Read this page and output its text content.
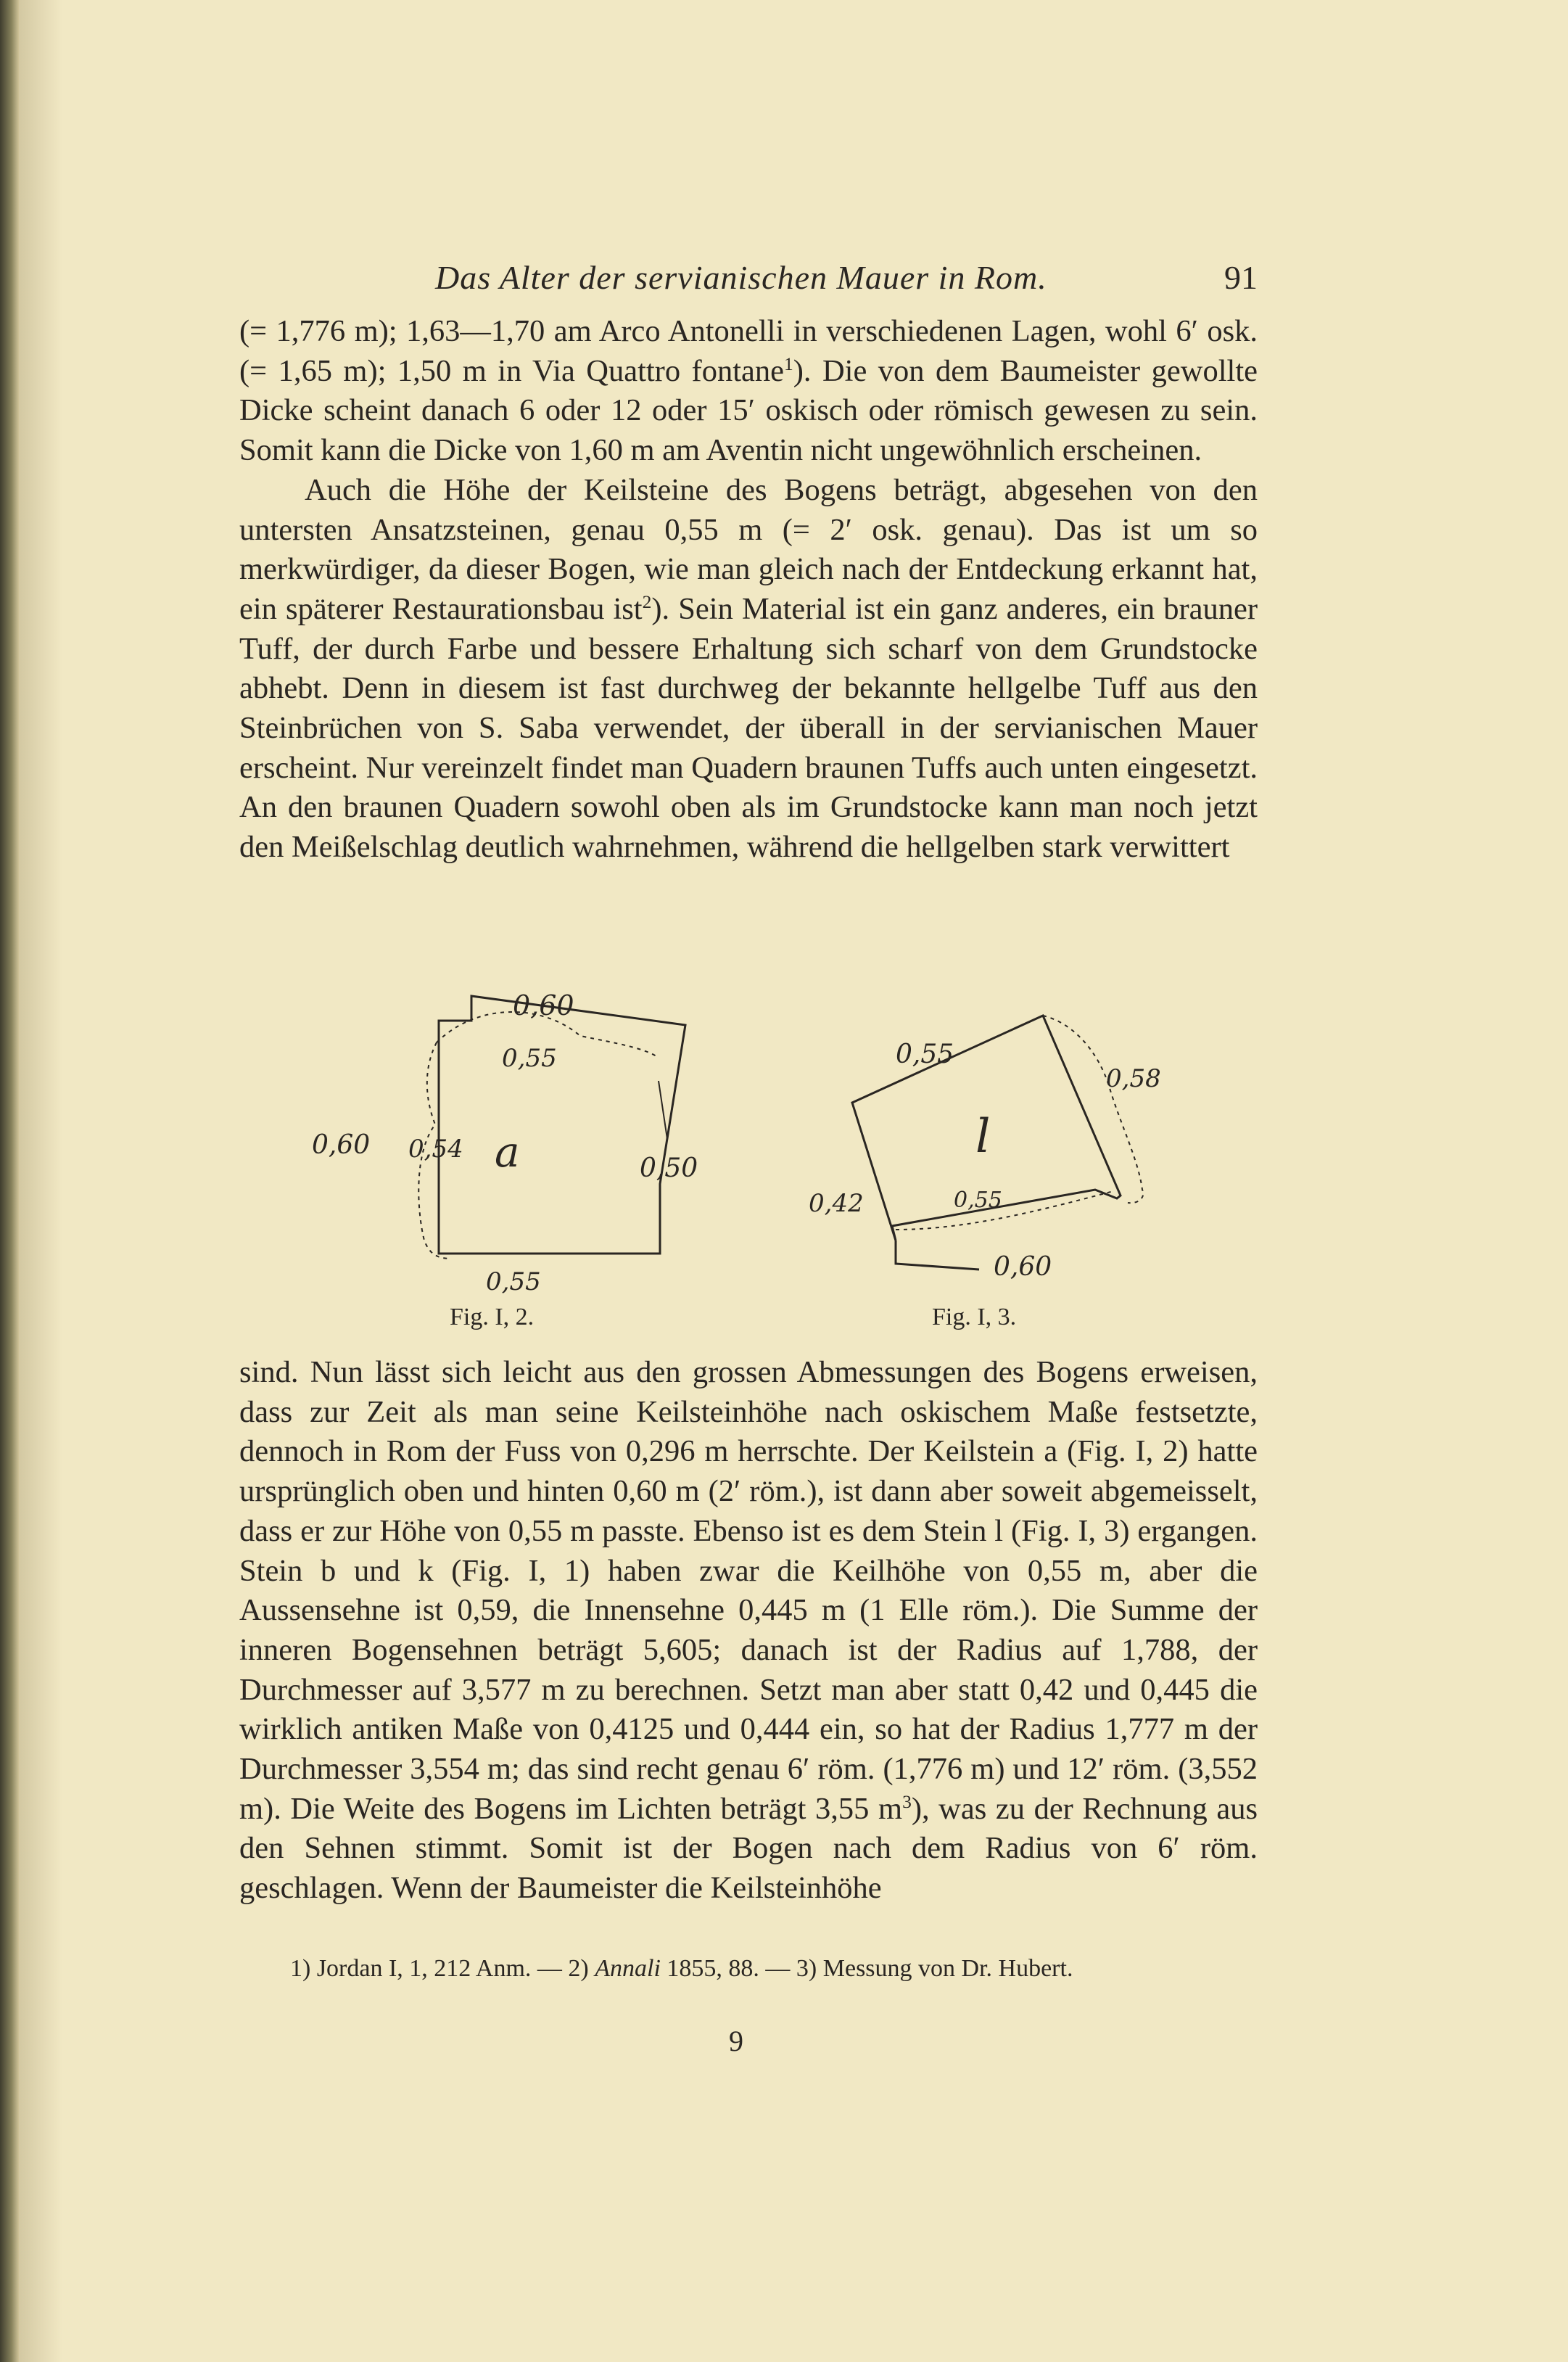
Das Alter der servianischen Mauer in Rom.	91

(= 1,776 m); 1,63—1,70 am Arco Antonelli in verschiedenen Lagen, wohl 6′ osk. (= 1,65 m); 1,50 m in Via Quattro fontane$^1$). Die von dem Baumeister gewollte Dicke scheint danach 6 oder 12 oder 15′ oskisch oder römisch gewesen zu sein. Somit kann die Dicke von 1,60 m am Aventin nicht ungewöhnlich erscheinen.

Auch die Höhe der Keilsteine des Bogens beträgt, abgesehen von den untersten Ansatzsteinen, genau 0,55 m (= 2′ osk. genau). Das ist um so merkwürdiger, da dieser Bogen, wie man gleich nach der Entdeckung erkannt hat, ein späterer Restaurationsbau ist$^2$). Sein Material ist ein ganz anderes, ein brauner Tuff, der durch Farbe und bessere Erhaltung sich scharf von dem Grundstocke abhebt. Denn in diesem ist fast durchweg der bekannte hellgelbe Tuff aus den Steinbrüchen von S. Saba verwendet, der überall in der servianischen Mauer erscheint. Nur vereinzelt findet man Quadern braunen Tuffs auch unten eingesetzt. An den braunen Quadern sowohl oben als im Grundstocke kann man noch jetzt den Meißelschlag deutlich wahrnehmen, während die hellgelben stark verwittert

0,60
0,55
0,60 0,54 a	0,50
0,55
0,55
0,58
l
0,42	0,55
0,60
Fig. I, 2.	Fig. I, 3.

sind. Nun lässt sich leicht aus den grossen Abmessungen des Bogens erweisen, dass zur Zeit als man seine Keilsteinhöhe nach oskischem Maße festsetzte, dennoch in Rom der Fuss von 0,296 m herrschte. Der Keilstein a (Fig. I, 2) hatte ursprünglich oben und hinten 0,60 m (2′ röm.), ist dann aber soweit abgemeisselt, dass er zur Höhe von 0,55 m passte. Ebenso ist es dem Stein l (Fig. I, 3) ergangen. Stein b und k (Fig. I, 1) haben zwar die Keilhöhe von 0,55 m, aber die Aussensehne ist 0,59, die Innensehne 0,445 m (1 Elle röm.). Die Summe der inneren Bogensehnen beträgt 5,605; danach ist der Radius auf 1,788, der Durchmesser auf 3,577 m zu berechnen. Setzt man aber statt 0,42 und 0,445 die wirklich antiken Maße von 0,4125 und 0,444 ein, so hat der Radius 1,777 m der Durchmesser 3,554 m; das sind recht genau 6′ röm. (1,776 m) und 12′ röm. (3,552 m). Die Weite des Bogens im Lichten beträgt 3,55 $m^3$), was zu der Rechnung aus den Sehnen stimmt. Somit ist der Bogen nach dem Radius von 6′ röm. geschlagen. Wenn der Baumeister die Keilsteinhöhe

1) Jordan I, 1, 212 Anm. — 2) Annali 1855, 88. — 3) Messung von Dr. Hubert.

9
